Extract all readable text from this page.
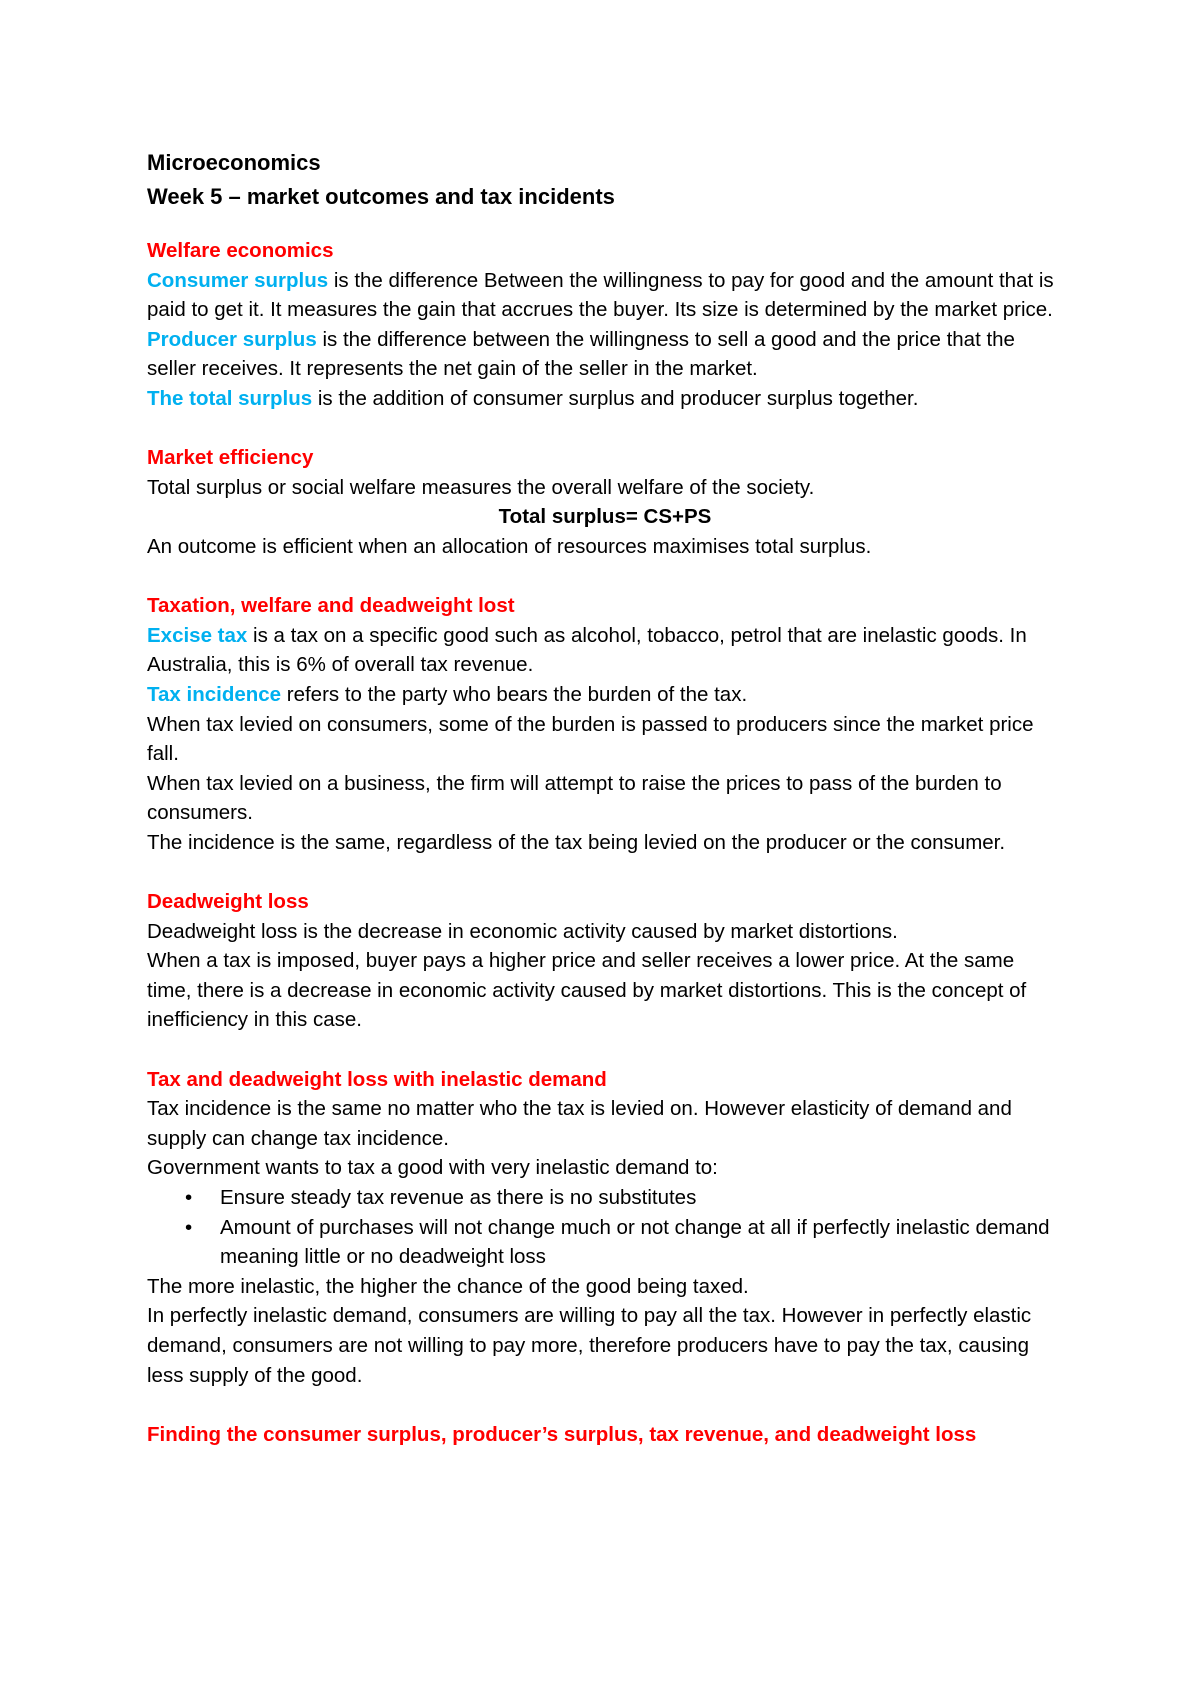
Microeconomics

Week 5 – market outcomes and tax incidents

Welfare economics

Consumer surplus is the difference Between the willingness to pay for good and the amount that is paid to get it. It measures the gain that accrues the buyer. Its size is determined by the market price.

Producer surplus is the difference between the willingness to sell a good and the price that the seller receives. It represents the net gain of the seller in the market.

The total surplus is the addition of consumer surplus and producer surplus together.

Market efficiency

Total surplus or social welfare measures the overall welfare of the society.

Total surplus= CS+PS

An outcome is efficient when an allocation of resources maximises total surplus.

Taxation, welfare and deadweight lost

Excise tax is a tax on a specific good such as alcohol, tobacco, petrol that are inelastic goods. In Australia, this is 6% of overall tax revenue.

Tax incidence refers to the party who bears the burden of the tax.

When tax levied on consumers, some of the burden is passed to producers since the market price fall.

When tax levied on a business, the firm will attempt to raise the prices to pass of the burden to consumers.

The incidence is the same, regardless of the tax being levied on the producer or the consumer.

Deadweight loss

Deadweight loss is the decrease in economic activity caused by market distortions.

When a tax is imposed, buyer pays a higher price and seller receives a lower price. At the same time, there is a decrease in economic activity caused by market distortions. This is the concept of inefficiency in this case.

Tax and deadweight loss with inelastic demand

Tax incidence is the same no matter who the tax is levied on. However elasticity of demand and supply can change tax incidence.

Government wants to tax a good with very inelastic demand to:

• Ensure steady tax revenue as there is no substitutes
• Amount of purchases will not change much or not change at all if perfectly inelastic demand meaning little or no deadweight loss

The more inelastic, the higher the chance of the good being taxed.

In perfectly inelastic demand, consumers are willing to pay all the tax. However in perfectly elastic demand, consumers are not willing to pay more, therefore producers have to pay the tax, causing less supply of the good.

Finding the consumer surplus, producer’s surplus, tax revenue, and deadweight loss
